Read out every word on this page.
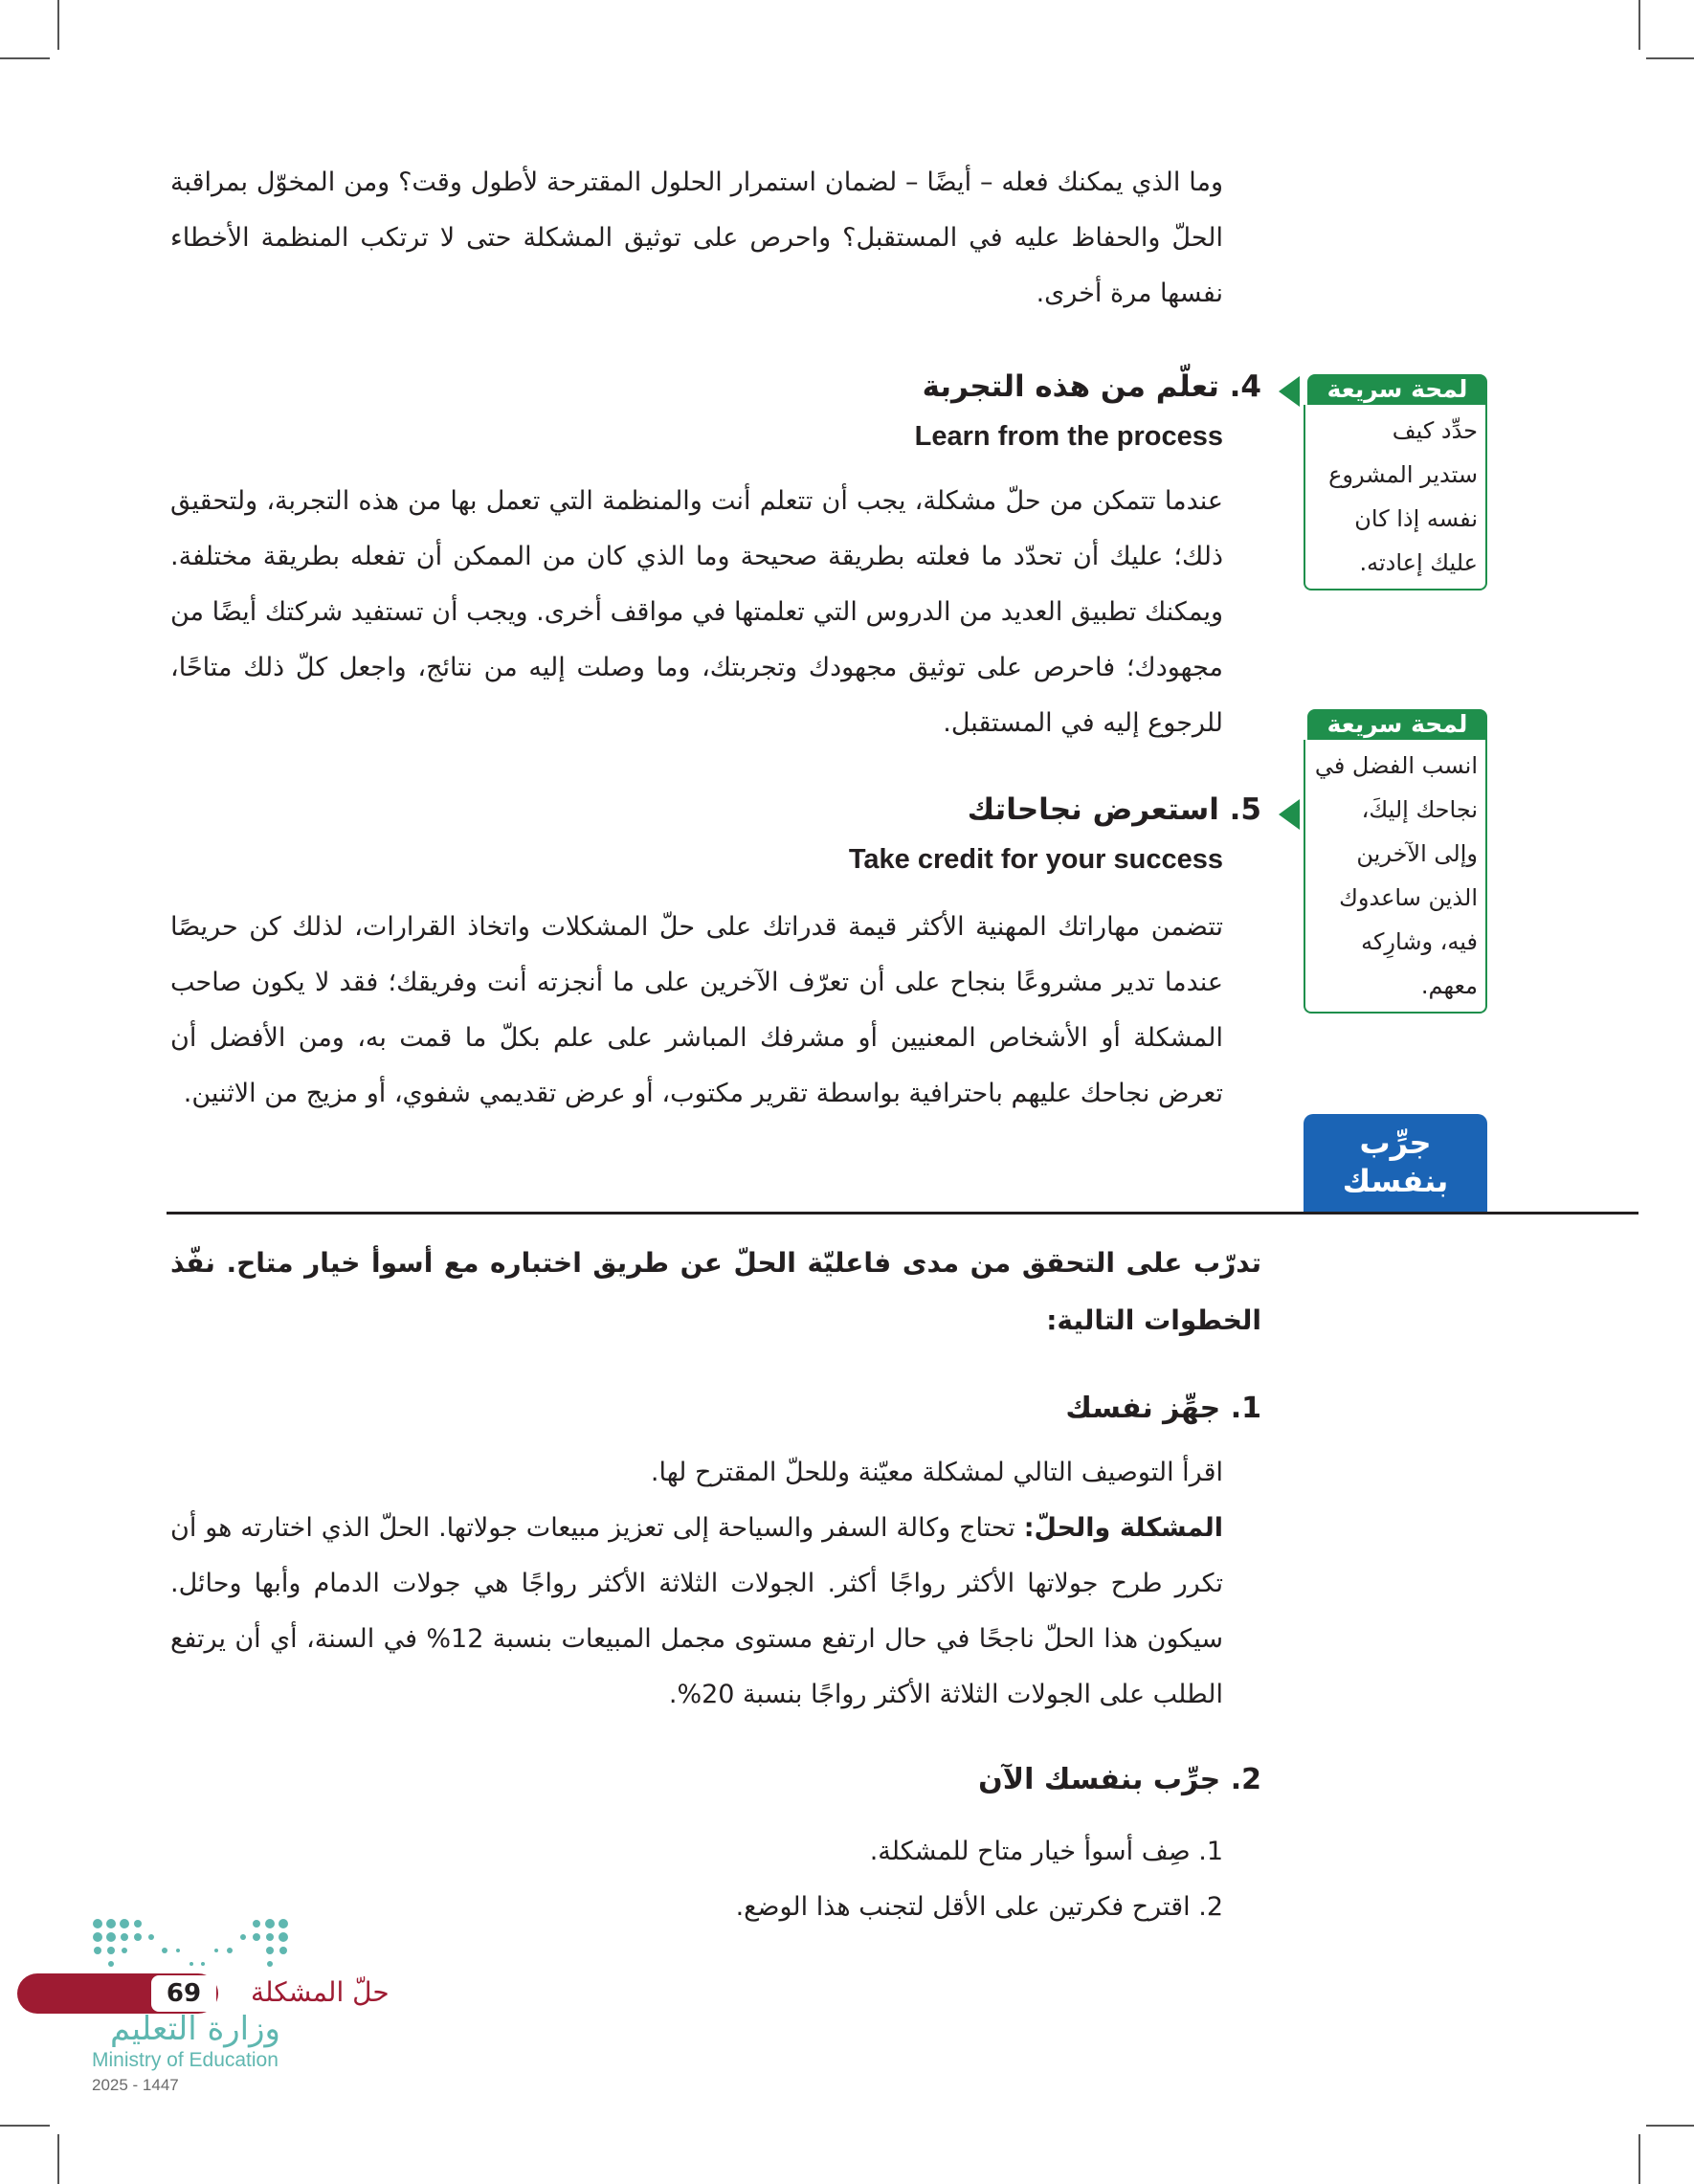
وما الذي يمكنك فعله – أيضًا – لضمان استمرار الحلول المقترحة لأطول وقت؟ ومن المخوّل بمراقبة الحلّ والحفاظ عليه في المستقبل؟ واحرص على توثيق المشكلة حتى لا ترتكب المنظمة الأخطاء نفسها مرة أخرى.

4. تعلّم من هذه التجربة
Learn from the process

عندما تتمكن من حلّ مشكلة، يجب أن تتعلم أنت والمنظمة التي تعمل بها من هذه التجربة، ولتحقيق ذلك؛ عليك أن تحدّد ما فعلته بطريقة صحيحة وما الذي كان من الممكن أن تفعله بطريقة مختلفة. ويمكنك تطبيق العديد من الدروس التي تعلمتها في مواقف أخرى. ويجب أن تستفيد شركتك أيضًا من مجهودك؛ فاحرص على توثيق مجهودك وتجربتك، وما وصلت إليه من نتائج، واجعل كلّ ذلك متاحًا، للرجوع إليه في المستقبل.

لمحة سريعة
حدِّد كيف
ستدير المشروع
نفسه إذا كان
عليك إعادته.
5. استعرض نجاحاتك
Take credit for your success

تتضمن مهاراتك المهنية الأكثر قيمة قدراتك على حلّ المشكلات واتخاذ القرارات، لذلك كن حريصًا عندما تدير مشروعًا بنجاح على أن تعرّف الآخرين على ما أنجزته أنت وفريقك؛ فقد لا يكون صاحب المشكلة أو الأشخاص المعنيين أو مشرفك المباشر على علم بكلّ ما قمت به، ومن الأفضل أن تعرض نجاحك عليهم باحترافية بواسطة تقرير مكتوب، أو عرض تقديمي شفوي، أو مزيج من الاثنين.

لمحة سريعة
انسب الفضل في
نجاحك إليكَ،
وإلى الآخرين
الذين ساعدوك
فيه، وشارِكه
معهم.
جرِّب
بنفسك
تدرّب على التحقق من مدى فاعليّة الحلّ عن طريق اختباره مع أسوأ خيار متاح. نفّذ الخطوات التالية:
1. جهِّز نفسك
اقرأ التوصيف التالي لمشكلة معيّنة وللحلّ المقترح لها.
المشكلة والحلّ: تحتاج وكالة السفر والسياحة إلى تعزيز مبيعات جولاتها. الحلّ الذي اختارته هو أن تكرر طرح جولاتها الأكثر رواجًا أكثر. الجولات الثلاثة الأكثر رواجًا هي جولات الدمام وأبها وحائل. سيكون هذا الحلّ ناجحًا في حال ارتفع مستوى مجمل المبيعات بنسبة 12% في السنة، أي أن يرتفع الطلب على الجولات الثلاثة الأكثر رواجًا بنسبة 20%.
2. جرِّب بنفسك الآن
1. صِف أسوأ خيار متاح للمشكلة.
2. اقترح فكرتين على الأقل لتجنب هذا الوضع.
69	حلّ المشكلة
وزارة التعليم
Ministry of Education
2025 - 1447
